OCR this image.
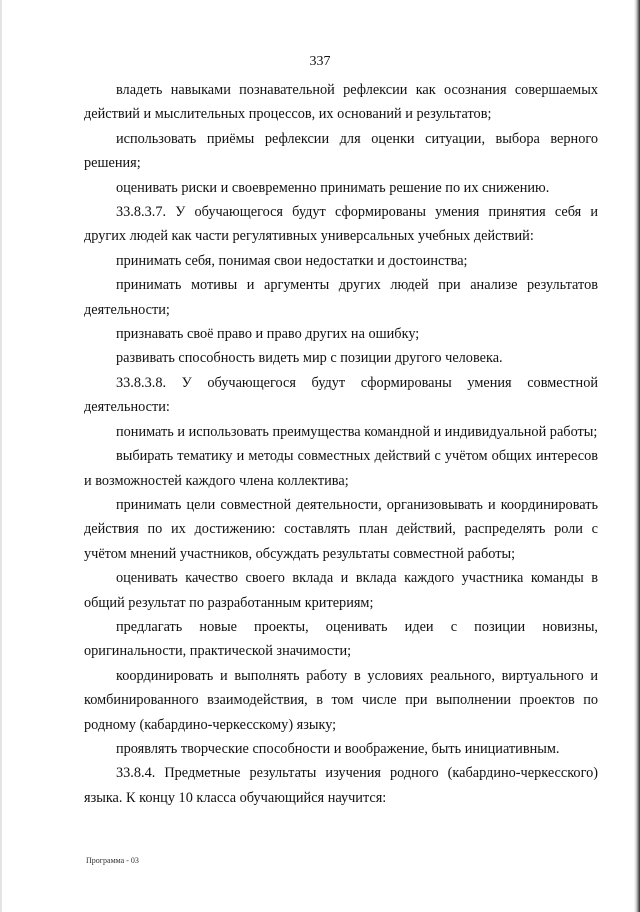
337

владеть навыками познавательной рефлексии как осознания совершаемых действий и мыслительных процессов, их оснований и результатов;

использовать приёмы рефлексии для оценки ситуации, выбора верного решения;

оценивать риски и своевременно принимать решение по их снижению.

33.8.3.7. У обучающегося будут сформированы умения принятия себя и других людей как части регулятивных универсальных учебных действий:

принимать себя, понимая свои недостатки и достоинства;

принимать мотивы и аргументы других людей при анализе результатов деятельности;

признавать своё право и право других на ошибку;

развивать способность видеть мир с позиции другого человека.

33.8.3.8. У обучающегося будут сформированы умения совместной деятельности:

понимать и использовать преимущества командной и индивидуальной работы;

выбирать тематику и методы совместных действий с учётом общих интересов и возможностей каждого члена коллектива;

принимать цели совместной деятельности, организовывать и координировать действия по их достижению: составлять план действий, распределять роли с учётом мнений участников, обсуждать результаты совместной работы;

оценивать качество своего вклада и вклада каждого участника команды в общий результат по разработанным критериям;

предлагать новые проекты, оценивать идеи с позиции новизны, оригинальности, практической значимости;

координировать и выполнять работу в условиях реального, виртуального и комбинированного взаимодействия, в том числе при выполнении проектов по родному (кабардино-черкесскому) языку;

проявлять творческие способности и воображение, быть инициативным.

33.8.4. Предметные результаты изучения родного (кабардино-черкесского) языка. К концу 10 класса обучающийся научится:

Программа - 03
